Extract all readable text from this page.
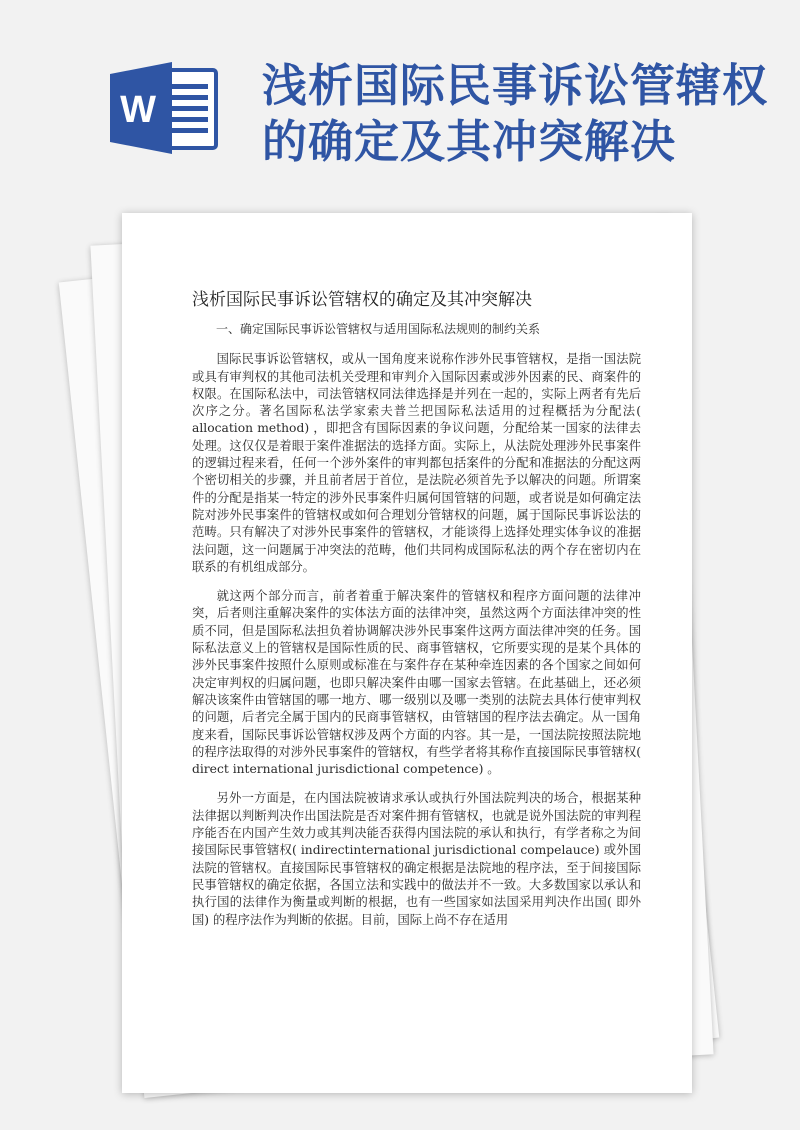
W 浅析国际民事诉讼管辖权的确定及其冲突解决
浅析国际民事诉讼管辖权的确定及其冲突解决

一、确定国际民事诉讼管辖权与适用国际私法规则的制约关系

国际民事诉讼管辖权，或从一国角度来说称作涉外民事管辖权，是指一国法院或具有审判权的其他司法机关受理和审判介入国际因素或涉外因素的民、商案件的权限。在国际私法中，司法管辖权同法律选择是并列在一起的，实际上两者有先后次序之分。著名国际私法学家索夫普兰把国际私法适用的过程概括为分配法( allocation method) ，即把含有国际因素的争议问题，分配给某一国家的法律去处理。这仅仅是着眼于案件准据法的选择方面。实际上，从法院处理涉外民事案件的逻辑过程来看，任何一个涉外案件的审判都包括案件的分配和准据法的分配这两个密切相关的步骤，并且前者居于首位，是法院必须首先予以解决的问题。所谓案件的分配是指某一特定的涉外民事案件归属何国管辖的问题，或者说是如何确定法院对涉外民事案件的管辖权或如何合理划分管辖权的问题，属于国际民事诉讼法的范畴。只有解决了对涉外民事案件的管辖权，才能谈得上选择处理实体争议的准据法问题，这一问题属于冲突法的范畴，他们共同构成国际私法的两个存在密切内在联系的有机组成部分。

就这两个部分而言，前者着重于解决案件的管辖权和程序方面问题的法律冲突，后者则注重解决案件的实体法方面的法律冲突，虽然这两个方面法律冲突的性质不同，但是国际私法担负着协调解决涉外民事案件这两方面法律冲突的任务。国际私法意义上的管辖权是国际性质的民、商事管辖权，它所要实现的是某个具体的涉外民事案件按照什么原则或标准在与案件存在某种牵连因素的各个国家之间如何决定审判权的归属问题，也即只解决案件由哪一国家去管辖。在此基础上，还必须解决该案件由管辖国的哪一地方、哪一级别以及哪一类别的法院去具体行使审判权的问题，后者完全属于国内的民商事管辖权，由管辖国的程序法去确定。从一国角度来看，国际民事诉讼管辖权涉及两个方面的内容。其一是，一国法院按照法院地的程序法取得的对涉外民事案件的管辖权，有些学者将其称作直接国际民事管辖权( direct international jurisdictional competence) 。

另外一方面是，在内国法院被请求承认或执行外国法院判决的场合，根据某种法律据以判断判决作出国法院是否对案件拥有管辖权，也就是说外国法院的审判程序能否在内国产生效力或其判决能否获得内国法院的承认和执行，有学者称之为间接国际民事管辖权( indirectinternational jurisdictional compelauce) 或外国法院的管辖权。直接国际民事管辖权的确定根据是法院地的程序法，至于间接国际民事管辖权的确定依据，各国立法和实践中的做法并不一致。大多数国家以承认和执行国的法律作为衡量或判断的根据，也有一些国家如法国采用判决作出国( 即外国) 的程序法作为判断的依据。目前，国际上尚不存在适用
